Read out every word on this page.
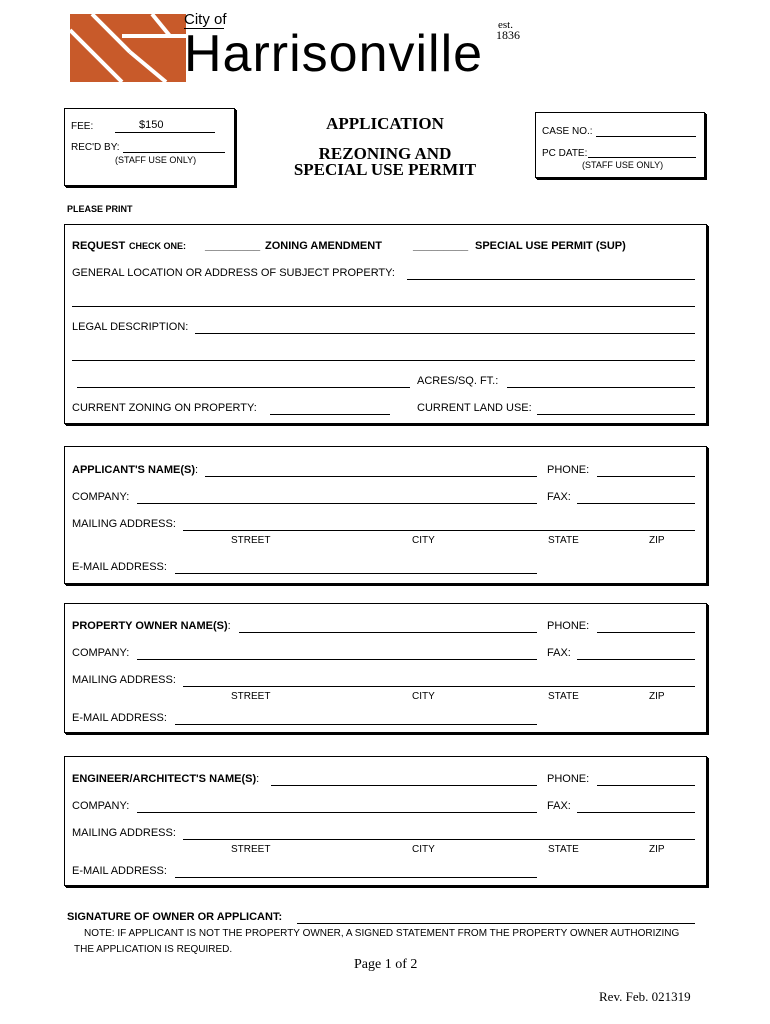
City of
Harrisonville est.
1836
FEE:	$150
REC'D BY:
(STAFF USE ONLY)
APPLICATION
REZONING AND
SPECIAL USE PERMIT
CASE NO.:
PC DATE:
(STAFF USE ONLY)
PLEASE PRINT
REQUEST CHECK ONE: _________ ZONING AMENDMENT	_________ SPECIAL USE PERMIT (SUP)
GENERAL LOCATION OR ADDRESS OF SUBJECT PROPERTY:
LEGAL DESCRIPTION:
ACRES/SQ. FT.:
CURRENT ZONING ON PROPERTY:	CURRENT LAND USE:
APPLICANT'S NAME(S):	PHONE:
COMPANY:	FAX:
MAILING ADDRESS:
STREET	CITY	STATE	ZIP
E-MAIL ADDRESS:
PROPERTY OWNER NAME(S):	PHONE:
COMPANY:	FAX:
MAILING ADDRESS:
STREET	CITY	STATE	ZIP
E-MAIL ADDRESS:
ENGINEER/ARCHITECT'S NAME(S):	PHONE:
COMPANY:	FAX:
MAILING ADDRESS:
STREET	CITY	STATE	ZIP
E-MAIL ADDRESS:
SIGNATURE OF OWNER OR APPLICANT:
NOTE: IF APPLICANT IS NOT THE PROPERTY OWNER, A SIGNED STATEMENT FROM THE PROPERTY OWNER AUTHORIZING
THE APPLICATION IS REQUIRED.
Page 1 of 2
Rev. Feb. 021319
